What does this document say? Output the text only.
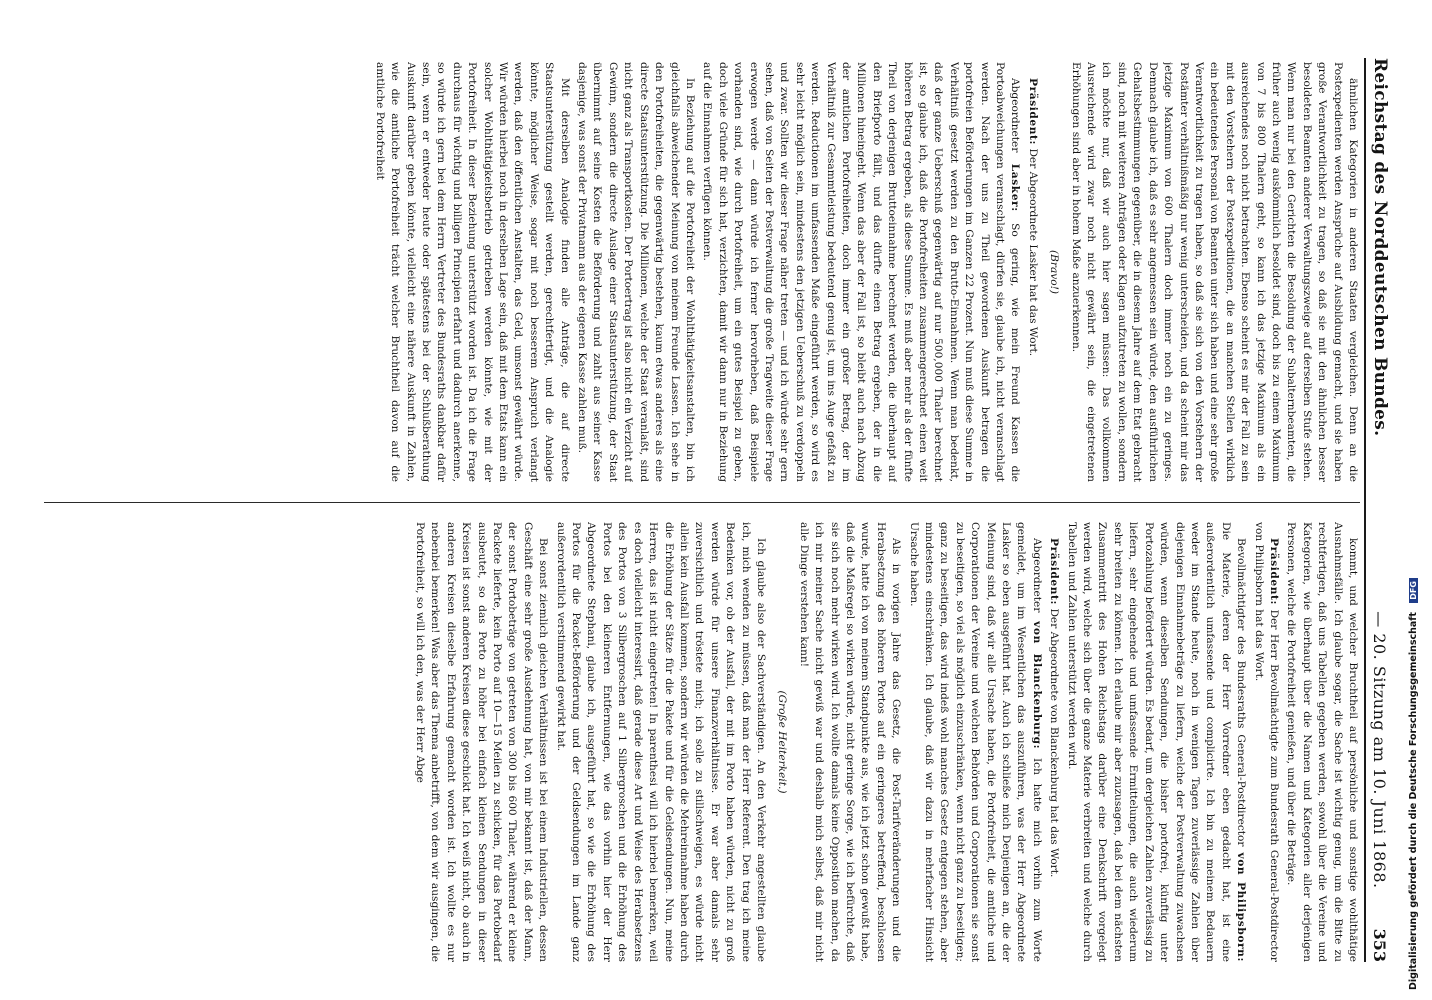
Reichstag des Norddeutschen Bundes.
— 20. Sitzung am 10. Juni 1868.
353

ähnlichen Kategorien in anderen Staaten vergleichen. Denn an die Postexpedienten werden Ansprüche auf Ausbildung gemacht, und sie haben große Verantwortlichkeit zu tragen, so daß sie mit den ähnlichen besser besoldeten Beamten anderer Verwaltungszweige auf derselben Stufe stehen. Wenn man nur bei den Gerichten die Besoldung der Subalternbeamten, die früher auch wenig auskömmlich besoldet sind, doch bis zu einem Maximum von 7 bis 800 Thalern geht, so kann ich das jetzige Maximum als ein ausreichendes noch nicht betrachten. Ebenso scheint es mir der Fall zu sein mit den Vorstehern der Postexpeditionen, die an manchen Stellen wirklich ein bedeutendes Personal von Beamten unter sich haben und eine sehr große Verantwortlichkeit zu tragen haben, so daß sie sich von den Vorstehern der Postämter verhältnißmäßig nur wenig unterscheiden, und da scheint mir das jetzige Maximum von 600 Thalern doch immer noch ein zu geringes. Demnach glaube ich, daß es sehr angemessen sein würde, den ausführlichen Gehaltsbestimmungen gegenüber, die in diesem Jahre auf dem Etat gebracht sind, noch mit weiteren Anträgen oder Klagen aufzutreten zu wollen, sondern ich möchte nur, daß wir auch hier sagen müssen: Das vollkommen Ausreichende wird zwar noch nicht gewährt sein, die eingetretenen Erhöhungen sind aber in hohem Maße anzuerkennen.

(Bravo!)

Präsident: Der Abgeordnete Lasker hat das Wort.

Abgeordneter Lasker: So gering, wie mein Freund Kassen die Portoabweichungen veranschlagt, dürfen sie, glaube ich, nicht veranschlagt werden. Nach der uns zu Theil gewordenen Auskunft betragen die portofreien Beförderungen im Ganzen 22 Prozent. Nun muß diese Summe in Verhältniß gesetzt werden zu den Brutto-Einnahmen. Wenn man bedenkt, daß der ganze Ueberschuß gegenwärtig auf nur 500,000 Thaler berechnet ist, so glaube ich, daß die Portofreiheiten zusammengerechnet einen weit höheren Betrag ergeben, als diese Summe. Es muß aber mehr als der fünfte Theil von derjenigen Bruttoeinnahme berechnet werden, die überhaupt auf den Briefporto fällt, und das dürfte einen Betrag ergeben, der in die Millionen hineingeht. Wenn das aber der Fall ist, so bleibt auch nach Abzug der amtlichen Portofreiheiten, doch immer ein großer Betrag, der im Verhältniß zur Gesammtleistung bedeutend genug ist, um ins Auge gefaßt zu werden. Reductionen im umfassenden Maße eingeführt werden, so wird es sehr leicht möglich sein, mindestens den jetzigen Ueberschuß zu verdoppeln und zwar. Sollten wir dieser Frage näher treten — und ich würde sehr gern sehen, daß von Seiten der Postverwaltung die große Tragweite dieser Frage erwogen werde — dann würde ich ferner hervorheben, daß Beispiele vorhanden sind, wie durch Portofreiheit, um ein gutes Beispiel zu geben, doch viele Gründe für sich hat, verzichten, damit wir dann nur in Beziehung auf die Einnahmen verfügen können.

In Beziehung auf die Portofreiheit der Wohlthätigkeitsanstalten, bin ich gleichfalls abweichender Meinung von meinem Freunde Lassen. Ich sehe in den Portofreiheiten, die gegenwärtig bestehen, kaum etwas anderes als eine directe Staatsunterstützung. Die Millionen, welche der Staat veranlaßt, sind nicht ganz als Transportkosten. Der Portoertrag ist also nicht ein Verzicht auf Gewinn, sondern die directe Auslage einer Staatsunterstützung, der Staat übernimmt auf seine Kosten die Beförderung und zahlt aus seiner Kasse dasjenige, was sonst der Privatmann aus der eigenen Kasse zahlen muß.

Mit derselben Analogie finden alle Anträge, die auf directe Staatsunterstützung gestellt werden, gerechtfertigt, und die Analogie könnte, möglicher Weise, sogar mit noch besserem Anspruch verlangt werden, daß den öffentlichen Anstalten, das Geld, umsonst gewährt würde. Wir würden hierbei noch in derselben Lage sein, daß mit dem Etats kann ein solcher Wohlthätigkeitsbetrieb getrieben werden könnte, wie mit der Portofreiheit. In dieser Beziehung unterstützt worden ist. Da ich die Frage durchaus für wichtig und billigen Principien erfahrt und dadurch anerkenne, so würde ich gern bei dem Herrn Vertreter des Bundesraths dankbar dafür sein, wenn er entweder heute oder spätestens bei der Schlußberathung Auskunft darüber geben könnte, vielleicht eine nähere Auskunft in Zahlen, wie die amtliche Portofreiheit trächt welcher Bruchtheil davon auf die amtliche Portofreiheit

kommt, und welcher Bruchtheil auf persönliche und sonstige wohlthätige Ausnahmsfälle. Ich glaube sogar, die Sache ist wichtig genug, um die Bitte zu rechtfertigen, daß uns Tabellen gegeben werden, sowohl über die Vereine und Kategorien, wie überhaupt über die Namen und Kategorien aller derjenigen Personen, welche die Portofreiheit genießen, und über die Beträge.

Präsident: Der Herr Bevollmächtigte zum Bundesrath General-Postdirector von Philipsborn hat das Wort.

Bevollmächtigter des Bundesraths General-Postdirector von Philipsborn: Die Materie, deren der Herr Vorredner eben gedacht hat, ist eine außerordentlich umfassende und complicirte. Ich bin zu meinem Bedauern weder im Stande heute, noch in wenigen Tagen zuverlässige Zahlen über diejenigen Einnahmebeträge zu liefern, welche der Postverwaltung zuwachsen würden, wenn dieselben Sendungen, die bisher portofrei, künftig unter Portozahlung befördert würden. Es bedarf, um dergleichen Zahlen zuverlässig zu liefern, sehr eingehende und umfassende Ermittelungen, die auch wiederum sehr breiten zu können. Ich erlaube mir aber zuzusagen, daß bei dem nächsten Zusammentritt des Hohen Reichstags darüber eine Denkschrift vorgelegt werden wird, welche sich über die ganze Materie verbreiten und welche durch Tabellen und Zahlen unterstützt werden wird.

Präsident: Der Abgeordnete von Blanckenburg hat das Wort.

Abgeordneter von Blanckenburg: Ich hatte mich vorhin zum Worte gemeldet, um im Wesentlichen das auszuführen, was der Herr Abgeordnete Lasker so eben ausgeführt hat. Auch ich schließe mich Denjenigen an, die der Meinung sind, daß wir alle Ursache haben, die Portofreiheit, die amtliche und Corporationen der Vereine und welchen Behörden und Corporationen sie sonst zu beseitigen, so viel als möglich einzuschränken, wenn nicht ganz zu beseitigen; ganz zu beseitigen, das wird indeß wohl manches Gesetz entgegen stehen, aber mindestens einschränken. Ich glaube, daß wir dazu in mehrfacher Hinsicht Ursache haben.

Als in vorigen Jahre das Gesetz, die Post-Tarifveränderungen und die Herabsetzung des höheren Portos auf ein geringeres betreffend, beschlossen wurde, hatte ich von meinem Standpunkte aus, wie ich jetzt schon gewußt habe, daß die Maßregel so wirken würde, nicht geringe Sorge, wie ich befürchte, daß sie sich noch mehr wirken wird. Ich wollte damals keine Opposition machen, da ich mir meiner Sache nicht gewiß war und deshalb mich selbst, daß mir nicht alle Dinge verstehen kann!

(Große Heiterkeit.)

Ich glaube also der Sachverständigen. An den Verkehr angestellten glaube ich, mich wenden zu müssen, daß man der Herr Referent. Den trag ich meine Bedenken vor, ob der Ausfall, der mit im Porto haben würden, nicht zu groß werden würde für unsere Finanzverhältnisse. Er war aber damals sehr zuversichtlich und tröstete mich; ich solle zu stillschweigen, es würde nicht allein kein Ausfall kommen, sondern wir würden die Mehreinnahme haben durch die Erhöhung der Sätze für die Pakete und für die Geldsendungen. Nun, meine Herren, das ist nicht eingetreten! In parenthesi will ich hierbei bemerken, weil es doch vielleicht interessirt, daß gerade diese Art und Weise des Herabsetzens des Portos von 3 Silbergroschen auf 1 Silbergroschen und die Erhöhung des Portos bei den kleineren Entfernungen, wie das vorhin hier der Herr Abgeordnete Stephani, glaube ich, ausgeführt hat, so wie die Erhöhung des Portos für die Packet-Beförderung und der Geldsendungen im Lande ganz außerordentlich verstimmend gewirkt hat.

Bei sonst ziemlich gleichen Verhältnissen ist bei einem Industriellen, dessen Geschäft eine sehr große Ausdehnung hat, von mir bekannt ist, daß der Mann, der sonst Portobeträge von getreten von 300 bis 600 Thaler, während er kleine Packete lieferte, kein Porto auf 10—15 Meilen zu schicken, für das Portobedarf ausbeutet, so das Porto zu höher bei einfach kleinen Sendungen in dieser Kreisen ist sonst anderen Kreisen diese geschickt hat. Ich weiß nicht, ob auch in anderen Kreisen dieselbe Erfahrung gemacht worden ist. Ich wollte es nur nebenbei bemerken! Was aber das Thema anbetrifft, von dem wir ausgingen, die Portofreiheit, so will ich den, was der Herr Abge	Digitalisierung gefördert durch die Deutsche Forschungsgemeinschaft DFG
